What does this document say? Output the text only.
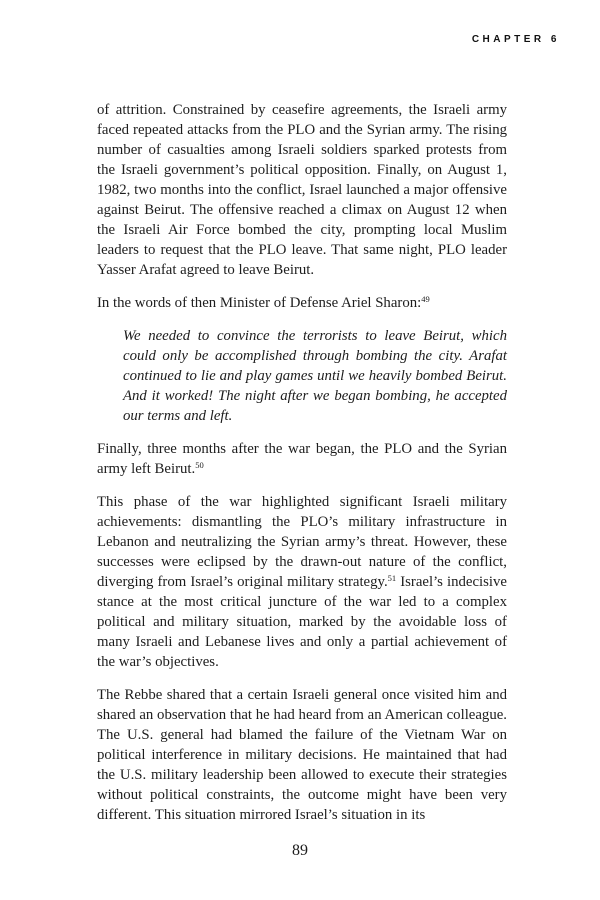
CHAPTER 6

of attrition. Constrained by ceasefire agreements, the Israeli army faced repeated attacks from the PLO and the Syrian army. The rising number of casualties among Israeli soldiers sparked protests from the Israeli government’s political opposition. Finally, on August 1, 1982, two months into the conflict, Israel launched a major offensive against Beirut. The offensive reached a climax on August 12 when the Israeli Air Force bombed the city, prompting local Muslim leaders to request that the PLO leave. That same night, PLO leader Yasser Arafat agreed to leave Beirut.

In the words of then Minister of Defense Ariel Sharon:$^{49}$

We needed to convince the terrorists to leave Beirut, which could only be accomplished through bombing the city. Arafat continued to lie and play games until we heavily bombed Beirut. And it worked! The night after we began bombing, he accepted our terms and left.

Finally, three months after the war began, the PLO and the Syrian army left Beirut.$^{50}$

This phase of the war highlighted significant Israeli military achievements: dismantling the PLO’s military infrastructure in Lebanon and neutralizing the Syrian army’s threat. However, these successes were eclipsed by the drawn-out nature of the conflict, diverging from Israel’s original military strategy.$^{51}$ Israel’s indecisive stance at the most critical juncture of the war led to a complex political and military situation, marked by the avoidable loss of many Israeli and Lebanese lives and only a partial achievement of the war’s objectives.

The Rebbe shared that a certain Israeli general once visited him and shared an observation that he had heard from an American colleague. The U.S. general had blamed the failure of the Vietnam War on political interference in military decisions. He maintained that had the U.S. military leadership been allowed to execute their strategies without political constraints, the outcome might have been very different. This situation mirrored Israel’s situation in its

89
